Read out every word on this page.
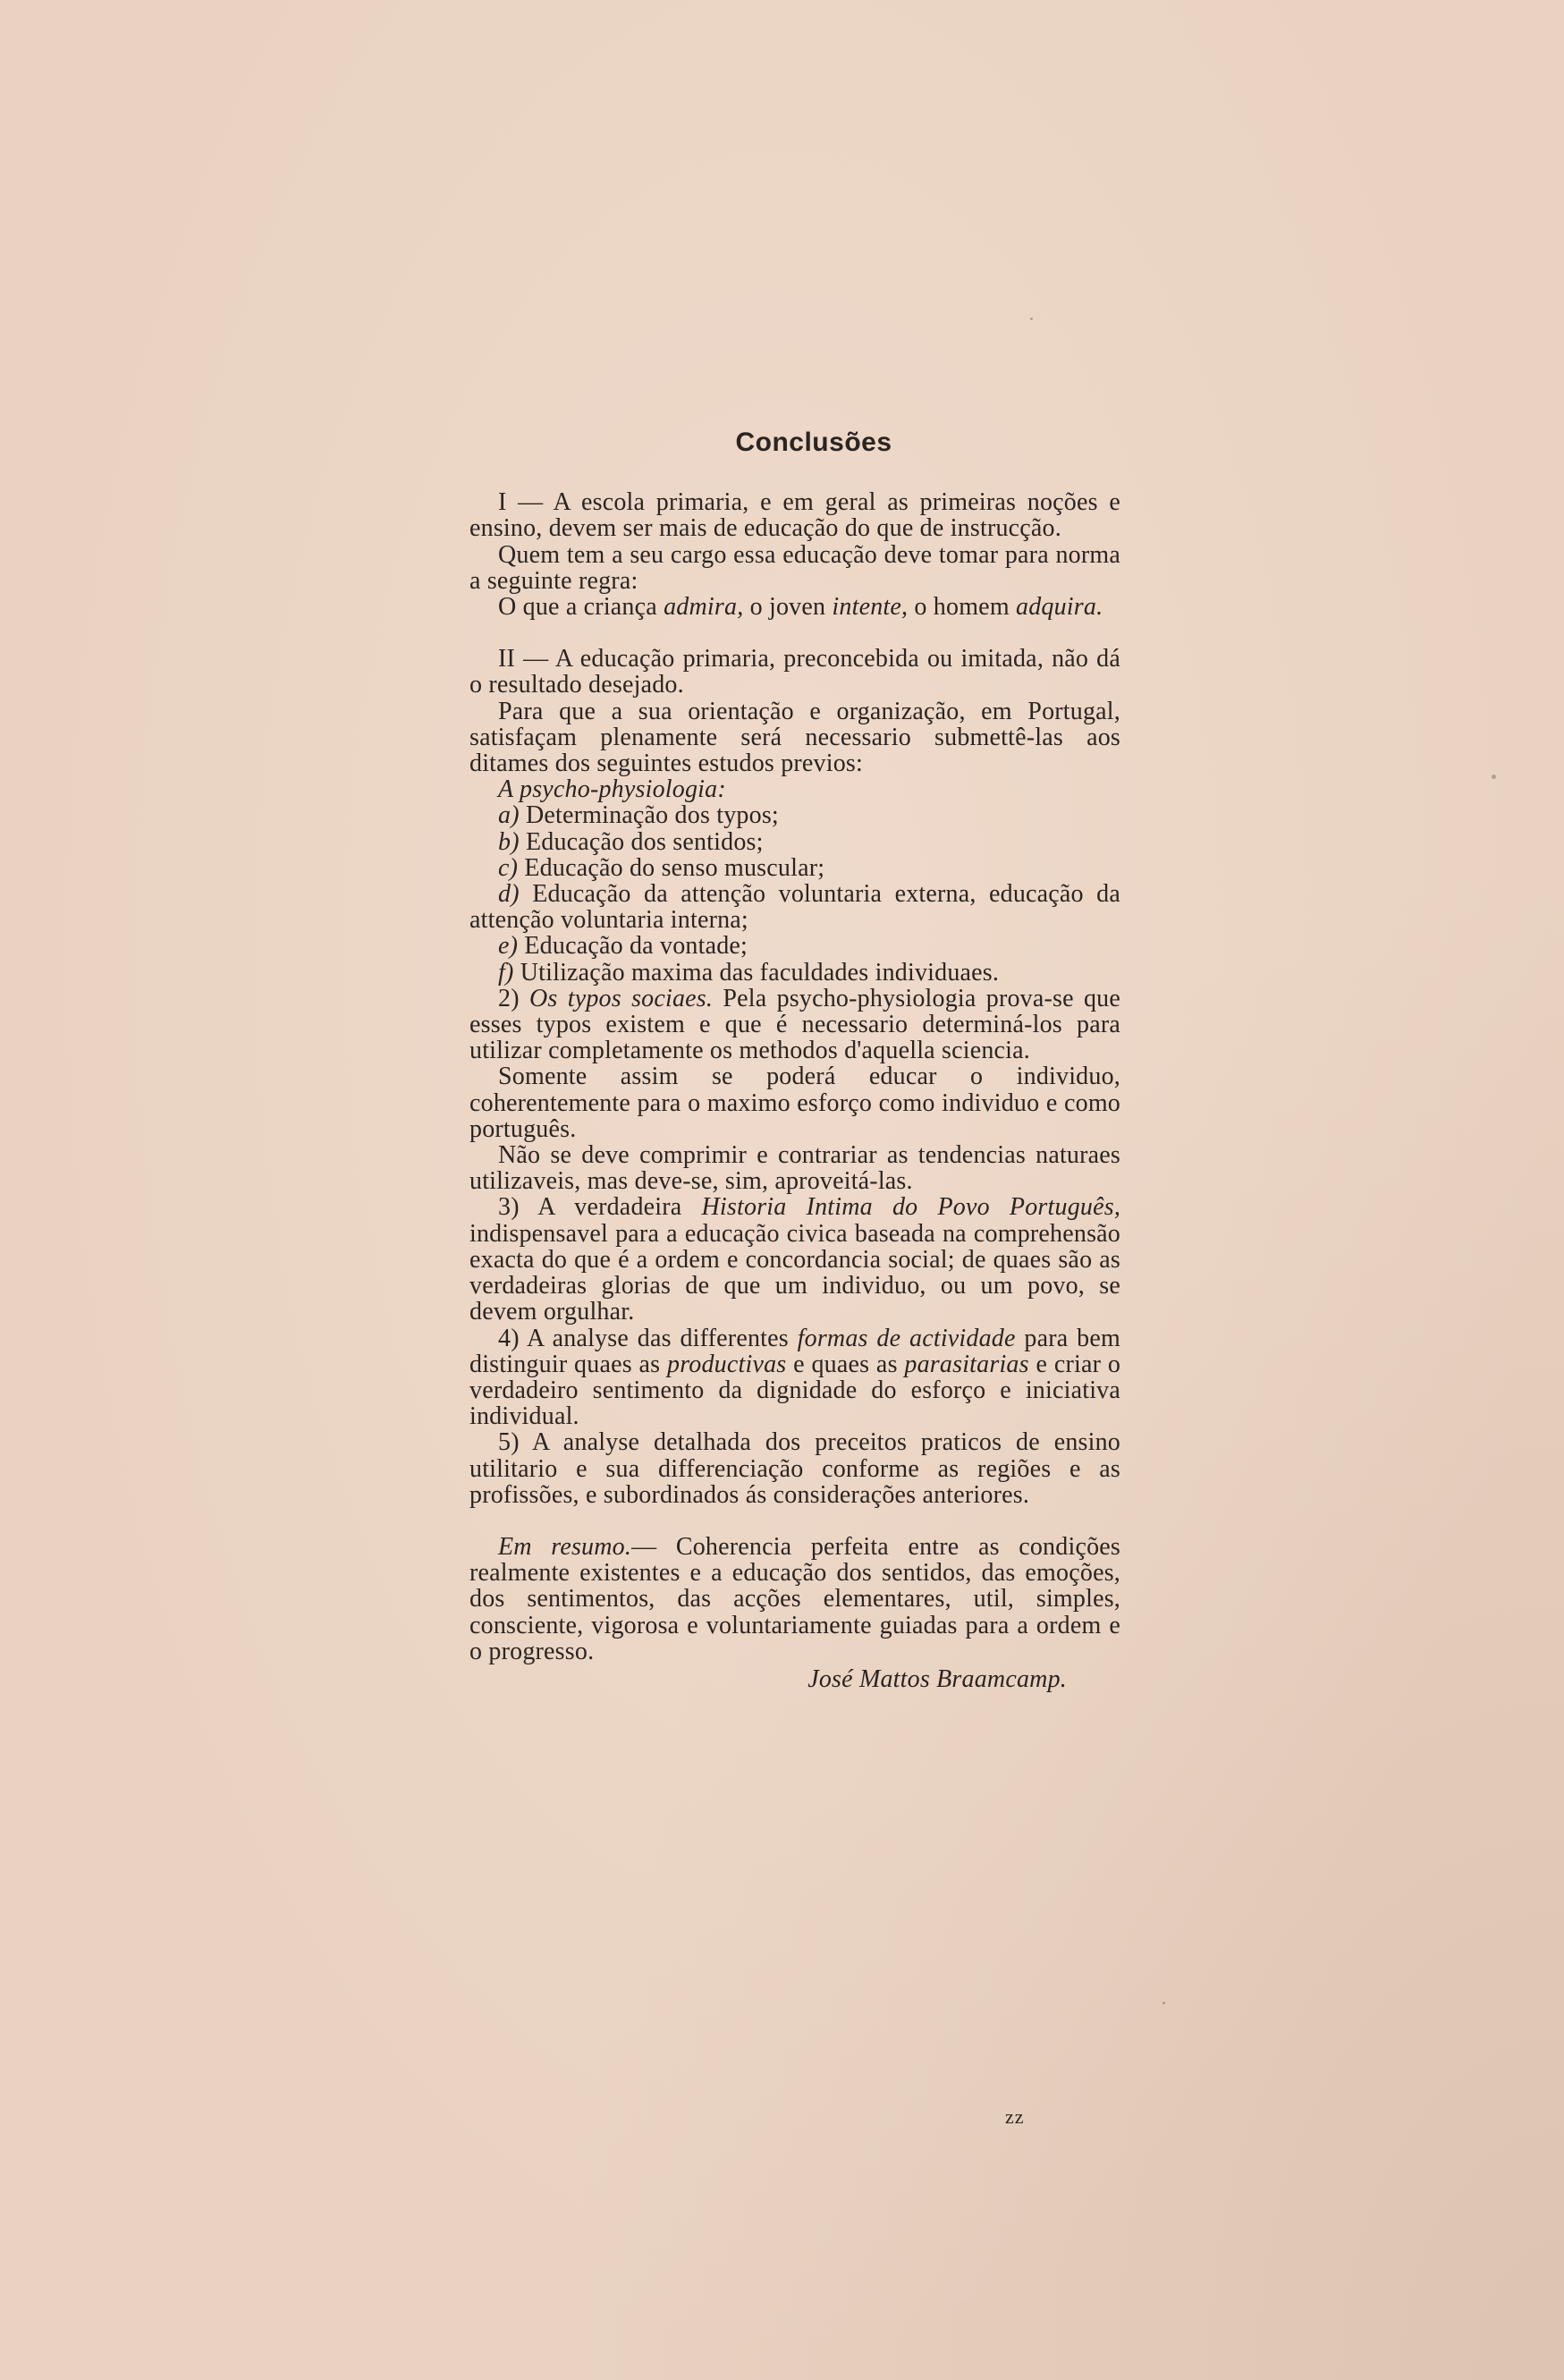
Conclusões

I — A escola primaria, e em geral as primeiras noções e ensino, devem ser mais de educação do que de instrucção.

Quem tem a seu cargo essa educação deve tomar para norma a seguinte regra:

O que a criança admira, o joven intente, o homem adquira.

II — A educação primaria, preconcebida ou imitada, não dá o resultado desejado.

Para que a sua orientação e organização, em Portugal, satisfaçam plenamente será necessario submettê-las aos ditames dos seguintes estudos previos:

A psycho-physiologia:

a) Determinação dos typos;

b) Educação dos sentidos;

c) Educação do senso muscular;

d) Educação da attenção voluntaria externa, educação da attenção voluntaria interna;

e) Educação da vontade;

f) Utilização maxima das faculdades individuaes.

2) Os typos sociaes. Pela psycho-physiologia prova-se que esses typos existem e que é necessario determiná-los para utilizar completamente os methodos d'aquella sciencia.

Somente assim se poderá educar o individuo, coherentemente para o maximo esforço como individuo e como português.

Não se deve comprimir e contrariar as tendencias naturaes utilizaveis, mas deve-se, sim, aproveitá-las.

3) A verdadeira Historia Intima do Povo Português, indispensavel para a educação civica baseada na comprehensão exacta do que é a ordem e concordancia social; de quaes são as verdadeiras glorias de que um individuo, ou um povo, se devem orgulhar.

4) A analyse das differentes formas de actividade para bem distinguir quaes as productivas e quaes as parasitarias e criar o verdadeiro sentimento da dignidade do esforço e iniciativa individual.

5) A analyse detalhada dos preceitos praticos de ensino utilitario e sua differenciação conforme as regiões e as profissões, e subordinados ás considerações anteriores.

Em resumo.— Coherencia perfeita entre as condições realmente existentes e a educação dos sentidos, das emoções, dos sentimentos, das acções elementares, util, simples, consciente, vigorosa e voluntariamente guiadas para a ordem e o progresso.

José Mattos Braamcamp.

zz
